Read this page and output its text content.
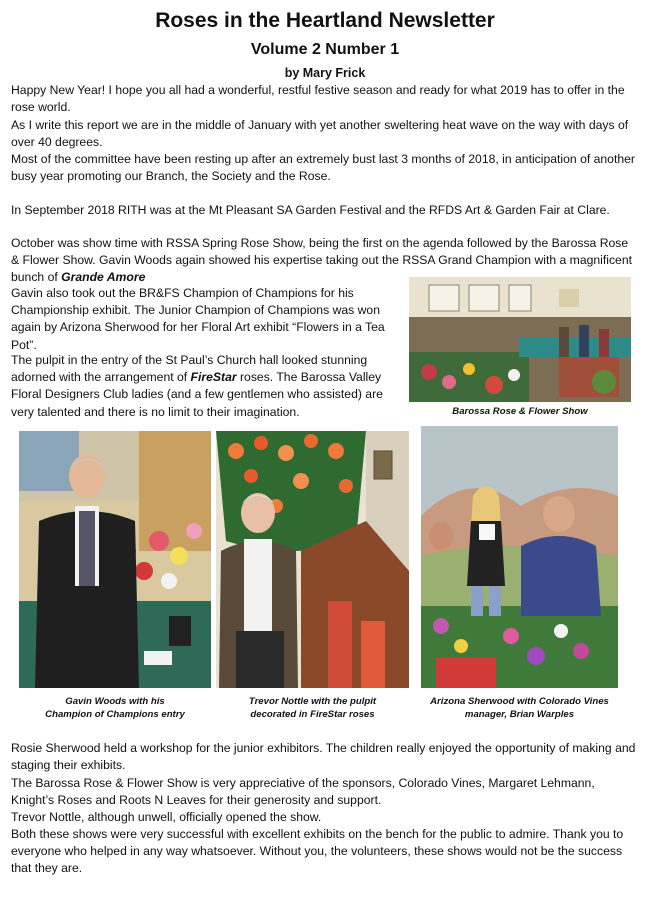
Roses in the Heartland Newsletter
Volume 2 Number 1
by Mary Frick

Happy New Year! I hope you all had a wonderful, restful festive season and ready for what 2019 has to offer in the rose world.

As I write this report we are in the middle of January with yet another sweltering heat wave on the way with days of over 40 degrees.

Most of the committee have been resting up after an extremely bust last 3 months of 2018, in anticipation of another busy year promoting our Branch, the Society and the Rose.

In September 2018 RITH was at the Mt Pleasant SA Garden Festival and the RFDS Art & Garden Fair at Clare.

October was show time with RSSA Spring Rose Show, being the first on the agenda followed by the Barossa Rose & Flower Show. Gavin Woods again showed his expertise taking out the RSSA Grand Champion with a magnificent bunch of Grande Amore

Gavin also took out the BR&FS Champion of Champions for his Championship exhibit. The Junior Champion of Champions was won again by Arizona Sherwood for her Floral Art exhibit “Flowers in a Tea Pot”.

The pulpit in the entry of the St Paul’s Church hall looked stunning adorned with the arrangement of FireStar roses. The Barossa Valley Floral Designers Club ladies (and a few gentlemen who assisted) are very talented and there is no limit to their imagination.	Barossa Rose & Flower Show
Gavin Woods with his
Champion of Champions entry
Trevor Nottle with the pulpit
decorated in FireStar roses
Arizona Sherwood with Colorado Vines
manager, Brian Warples

Rosie Sherwood held a workshop for the junior exhibitors. The children really enjoyed the opportunity of making and staging their exhibits.

The Barossa Rose & Flower Show is very appreciative of the sponsors, Colorado Vines, Margaret Lehmann, Knight’s Roses and Roots N Leaves for their generosity and support.

Trevor Nottle, although unwell, officially opened the show.

Both these shows were very successful with excellent exhibits on the bench for the public to admire. Thank you to everyone who helped in any way whatsoever. Without you, the volunteers, these shows would not be the success that they are.
